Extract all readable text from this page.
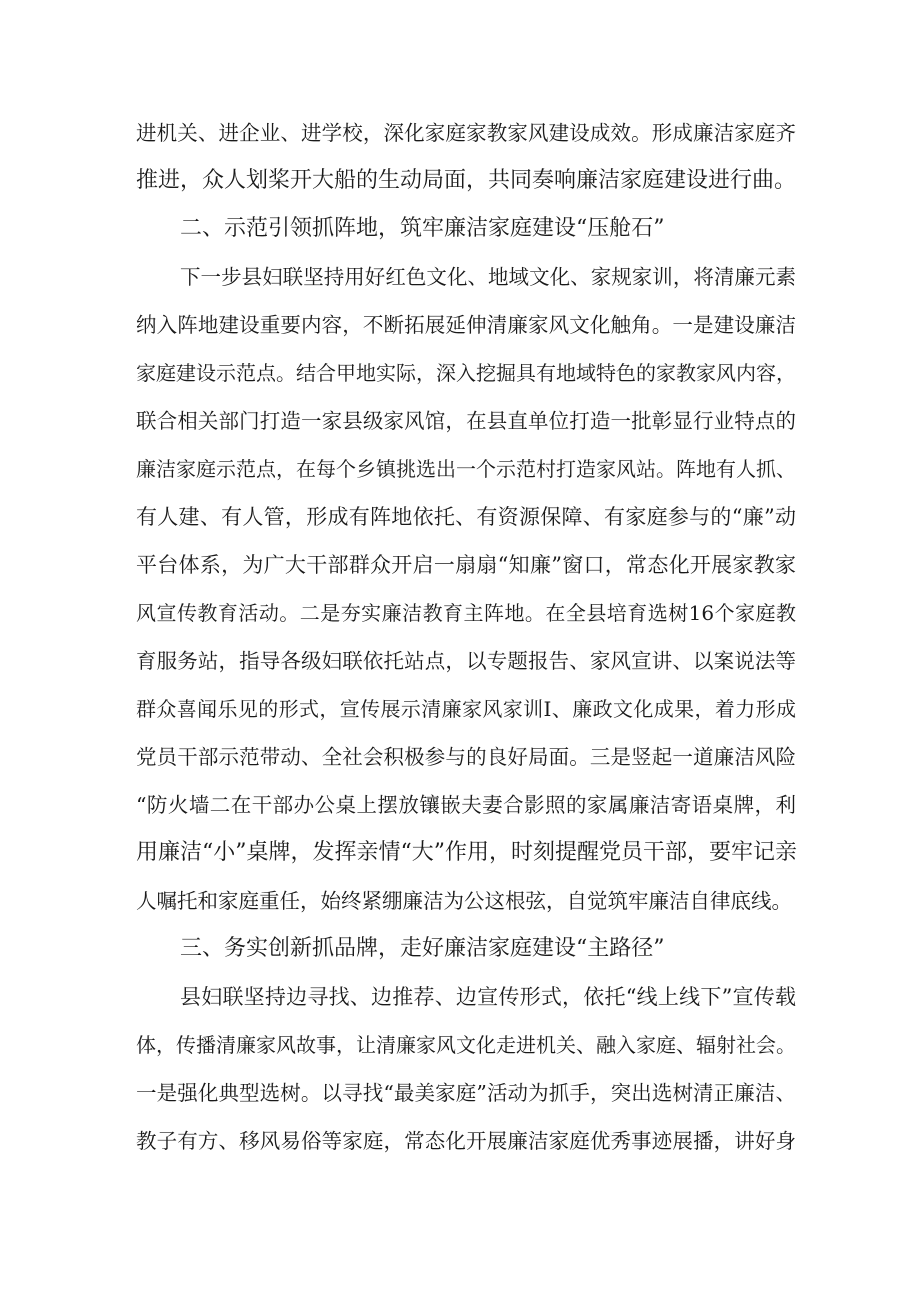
进机关、进企业、进学校，深化家庭家教家风建设成效。形成廉洁家庭齐
推进，众人划桨开大船的生动局面，共同奏响廉洁家庭建设进行曲。
二、示范引领抓阵地，筑牢廉洁家庭建设“压舱石”
下一步县妇联坚持用好红色文化、地域文化、家规家训，将清廉元素
纳入阵地建设重要内容，不断拓展延伸清廉家风文化触角。一是建设廉洁
家庭建设示范点。结合甲地实际，深入挖掘具有地域特色的家教家风内容，
联合相关部门打造一家县级家风馆，在县直单位打造一批彰显行业特点的
廉洁家庭示范点，在每个乡镇挑选出一个示范村打造家风站。阵地有人抓、
有人建、有人管，形成有阵地依托、有资源保障、有家庭参与的“廉”动
平台体系，为广大干部群众开启一扇扇“知廉”窗口，常态化开展家教家
风宣传教育活动。二是夯实廉洁教育主阵地。在全县培育选树16个家庭教
育服务站，指导各级妇联依托站点，以专题报告、家风宣讲、以案说法等
群众喜闻乐见的形式，宣传展示清廉家风家训I、廉政文化成果，着力形成
党员干部示范带动、全社会积极参与的良好局面。三是竖起一道廉洁风险
“防火墙二在干部办公桌上摆放镶嵌夫妻合影照的家属廉洁寄语桌牌，利
用廉洁“小”桌牌，发挥亲情“大”作用，时刻提醒党员干部，要牢记亲
人嘱托和家庭重任，始终紧绷廉洁为公这根弦，自觉筑牢廉洁自律底线。
三、务实创新抓品牌，走好廉洁家庭建设“主路径”
县妇联坚持边寻找、边推荐、边宣传形式，依托“线上线下”宣传载
体，传播清廉家风故事，让清廉家风文化走进机关、融入家庭、辐射社会。
一是强化典型选树。以寻找“最美家庭”活动为抓手，突出选树清正廉洁、
教子有方、移风易俗等家庭，常态化开展廉洁家庭优秀事迹展播，讲好身
